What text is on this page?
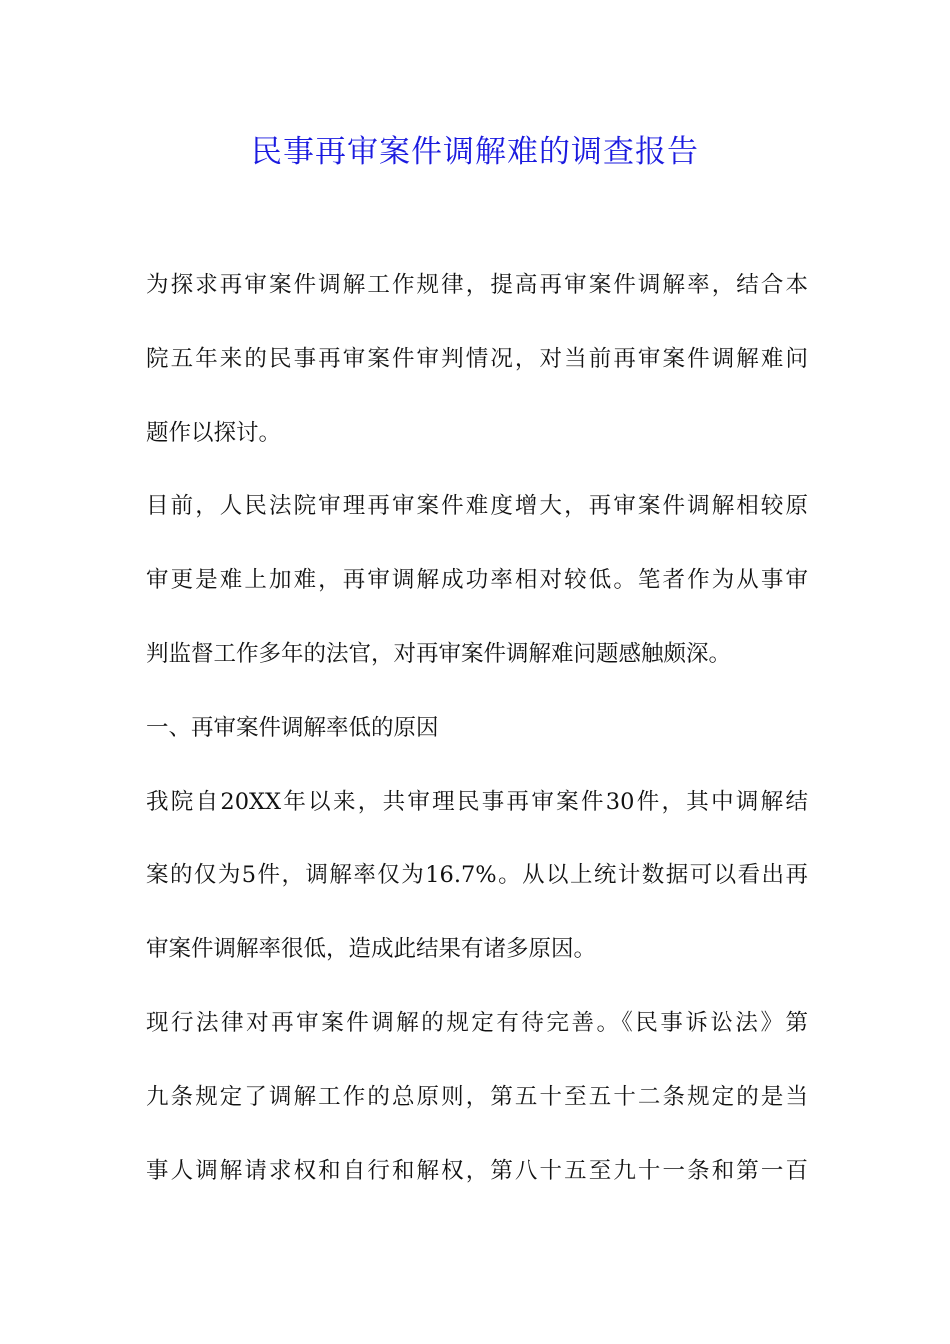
民事再审案件调解难的调查报告
为探求再审案件调解工作规律，提高再审案件调解率，结合本
院五年来的民事再审案件审判情况，对当前再审案件调解难问
题作以探讨。
目前，人民法院审理再审案件难度增大，再审案件调解相较原
审更是难上加难，再审调解成功率相对较低。笔者作为从事审
判监督工作多年的法官，对再审案件调解难问题感触颇深。
一、再审案件调解率低的原因
我院自20XX年以来，共审理民事再审案件30件，其中调解结
案的仅为5件，调解率仅为16.7%。从以上统计数据可以看出再
审案件调解率很低，造成此结果有诸多原因。
现行法律对再审案件调解的规定有待完善。《民事诉讼法》第
九条规定了调解工作的总原则，第五十至五十二条规定的是当
事人调解请求权和自行和解权，第八十五至九十一条和第一百
